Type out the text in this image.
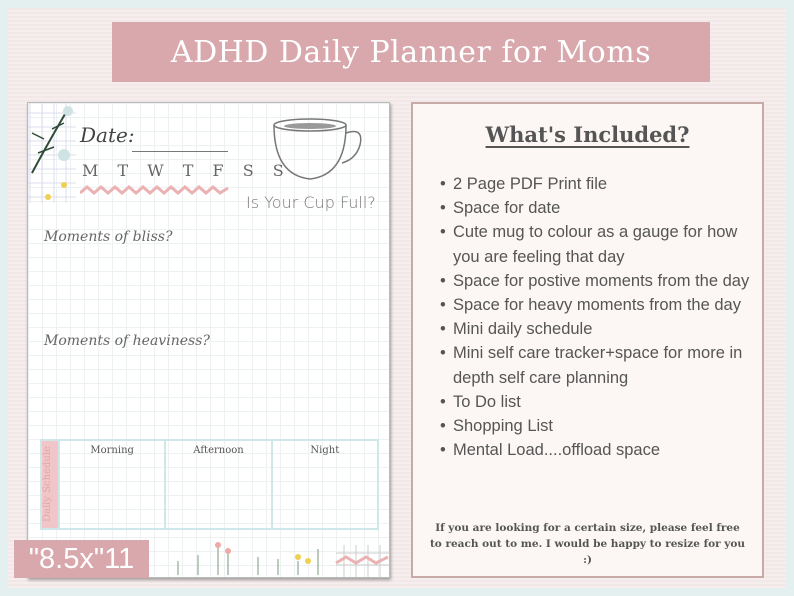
ADHD Daily Planner for Moms
Date:
M T W T F S S
Is Your Cup Full?
Moments of bliss?
Moments of heaviness?
Daily Schedule	Morning	Afternoon	Night
"8.5x"11
What's Included?
• 2 Page PDF Print file
• Space for date
• Cute mug to colour as a gauge for how you are feeling that day
• Space for postive moments from the day
• Space for heavy moments from the day
• Mini daily schedule
• Mini self care tracker+space for more in depth self care planning
• To Do list
• Shopping List
• Mental Load....offload space
If you are looking for a certain size, please feel free to reach out to me. I would be happy to resize for you :)
